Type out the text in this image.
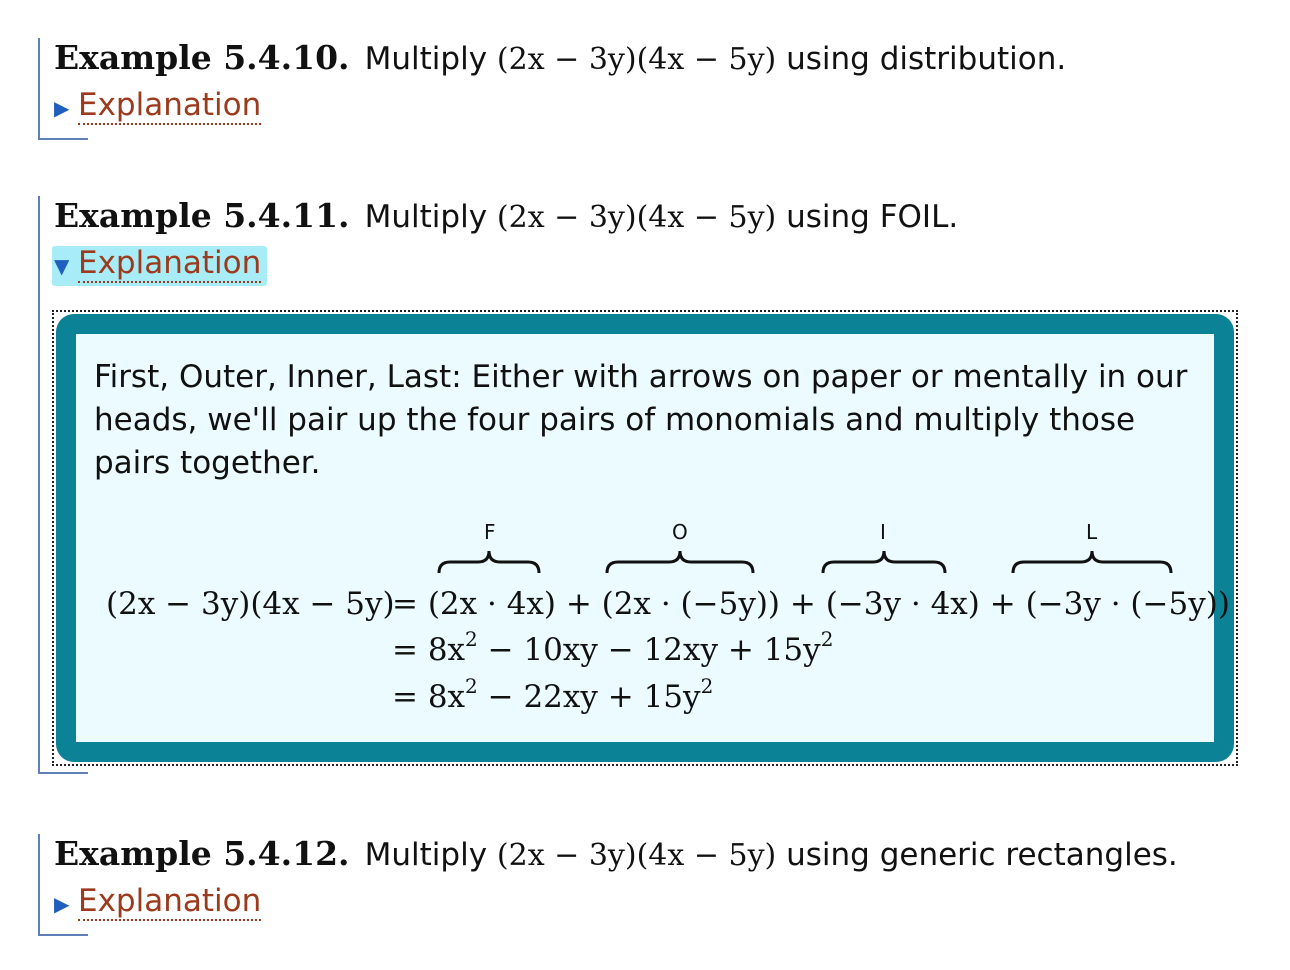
Example 5.4.10. Multiply (2x − 3y)(4x − 5y) using distribution.
▶ Explanation
Example 5.4.11. Multiply (2x − 3y)(4x − 5y) using FOIL.
▼ Explanation
First, Outer, Inner, Last: Either with arrows on paper or mentally in our heads, we'll pair up the four pairs of monomials and multiply those pairs together.
F	O	I	L
(2x − 3y)(4x − 5y)
= (2x · 4x) + (2x · (−5y)) + (−3y · 4x) + (−3y · (−5y))
= $8x^2 - 10xy - 12xy + 15y^2$
= $8x^2 - 22xy + 15y^2$
Example 5.4.12. Multiply (2x − 3y)(4x − 5y) using generic rectangles.
▶ Explanation
